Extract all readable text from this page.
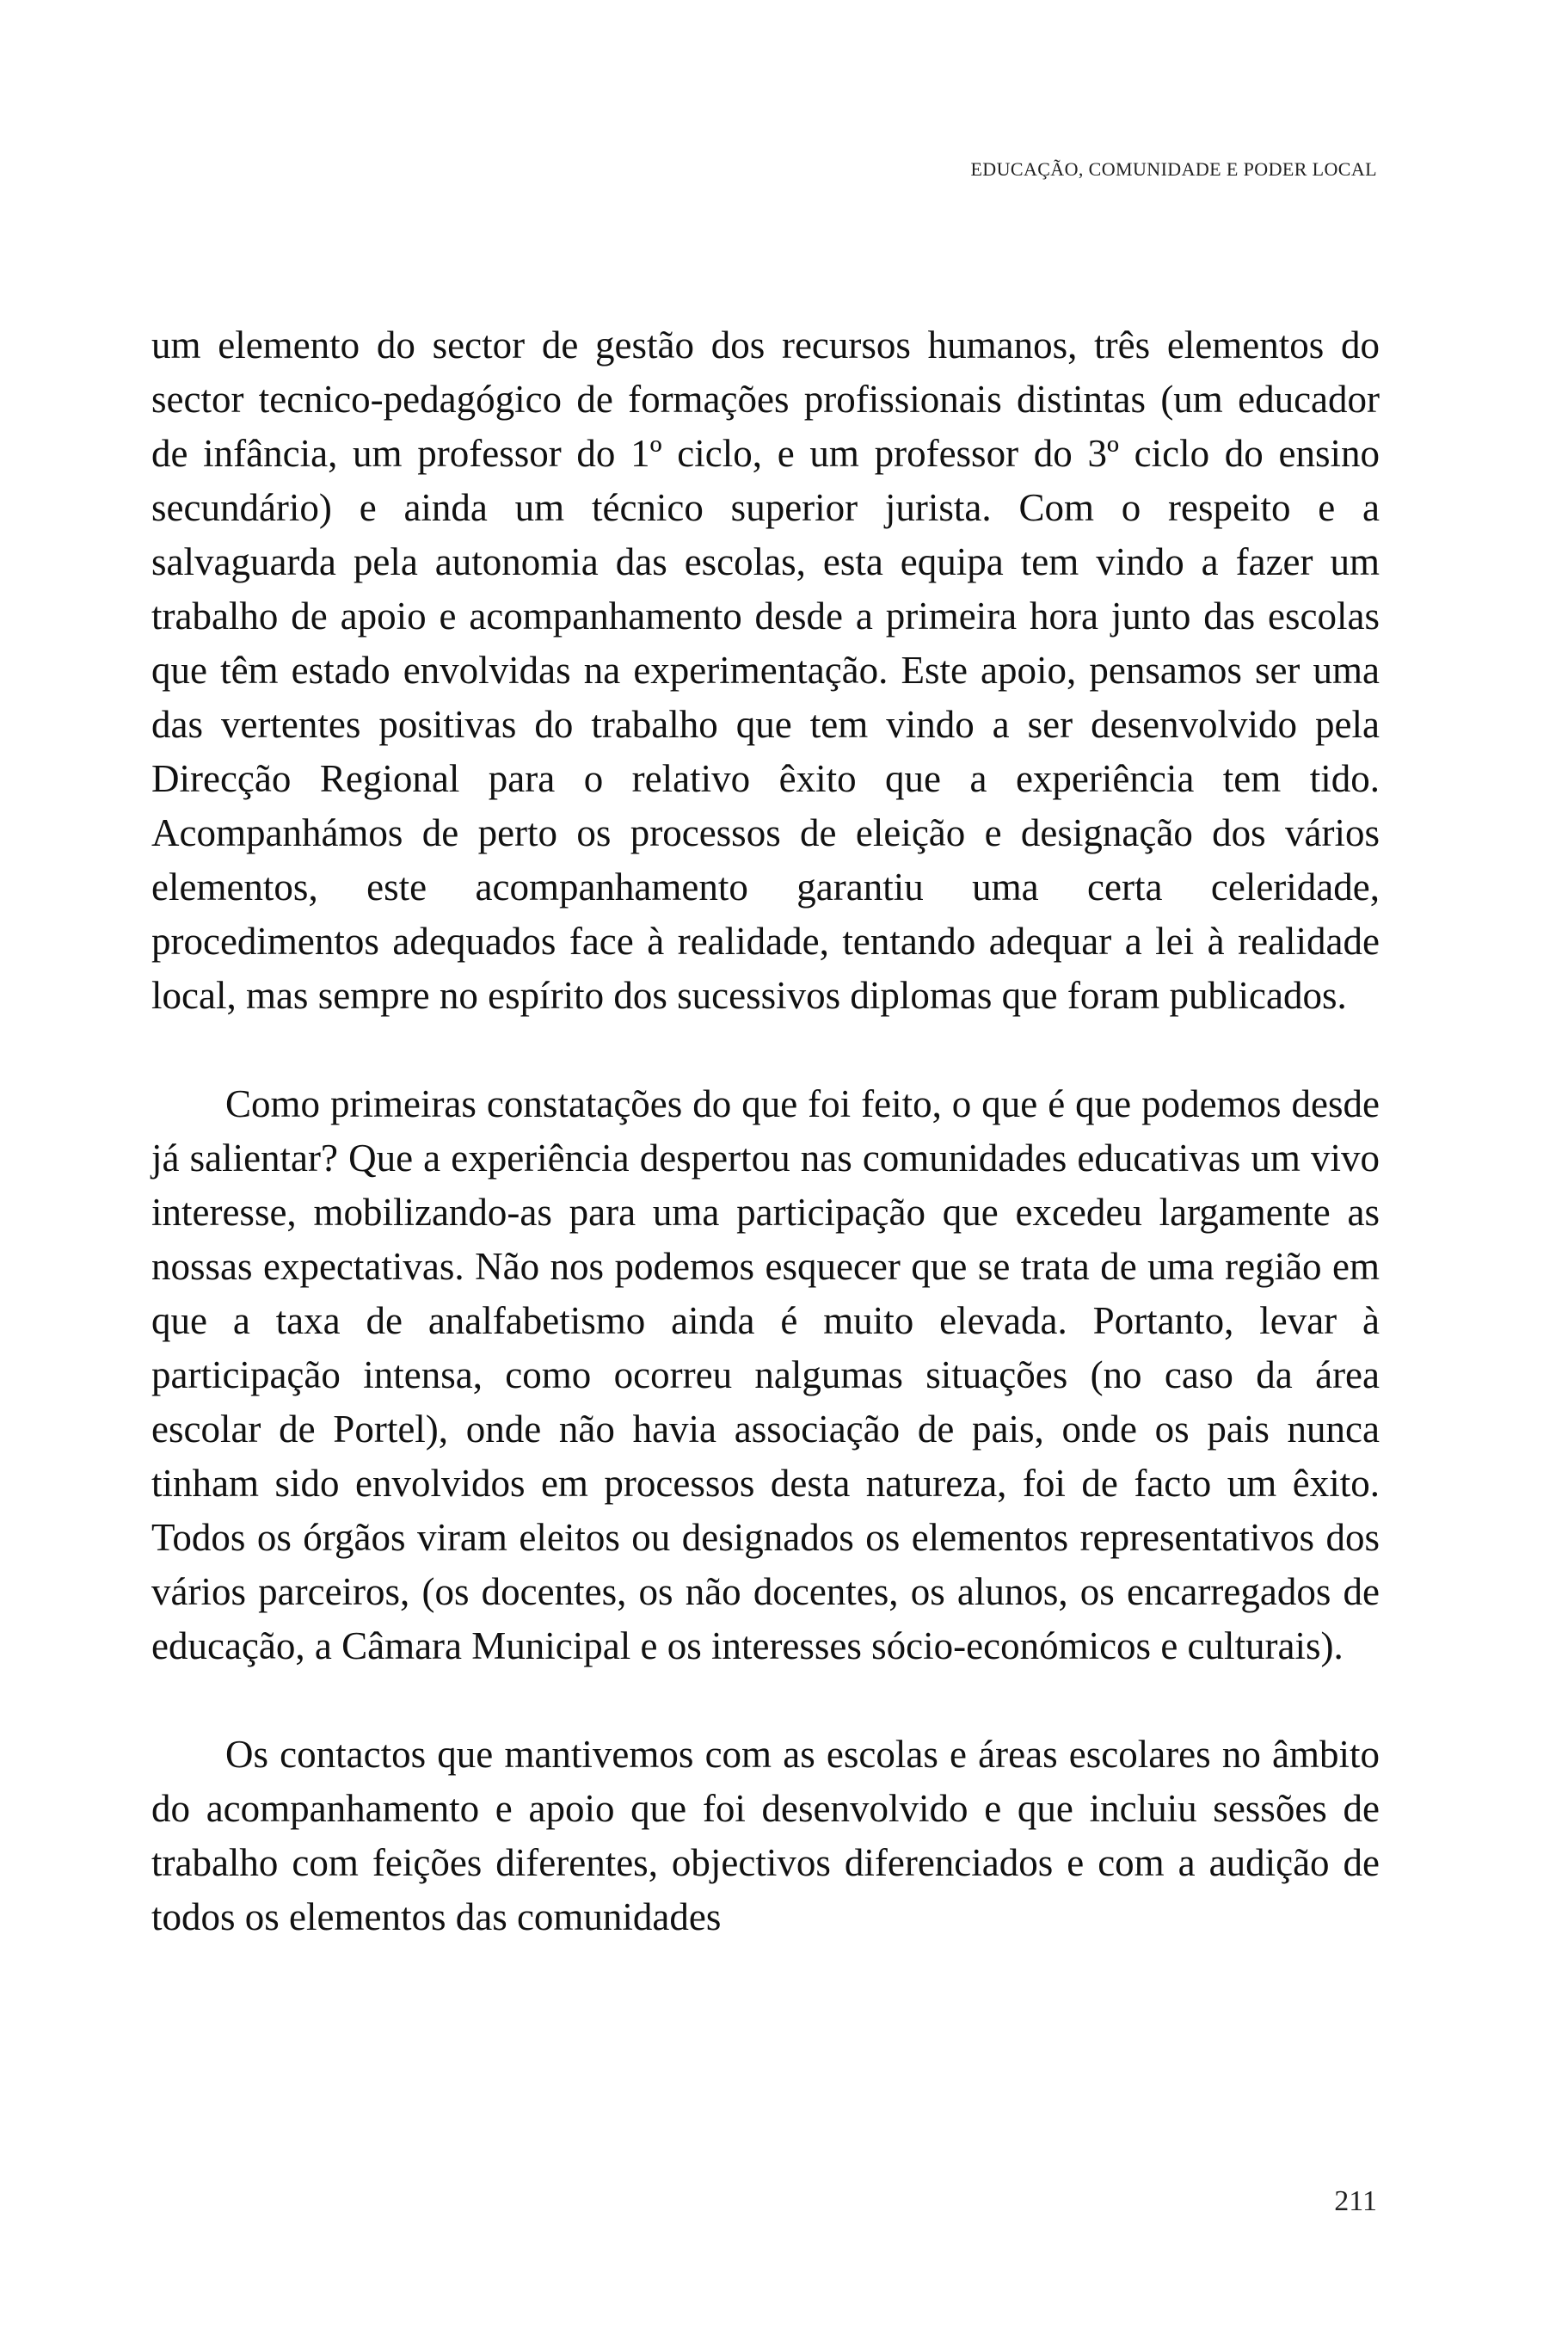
EDUCAÇÃO, COMUNIDADE E PODER LOCAL

um elemento do sector de gestão dos recursos humanos, três elementos do sector tecnico-pedagógico de formações profissionais distintas (um educador de infância, um professor do 1º ciclo, e um professor do 3º ciclo do ensino secundário) e ainda um técnico superior jurista. Com o respeito e a salvaguarda pela autonomia das escolas, esta equipa tem vindo a fazer um trabalho de apoio e acompanhamento desde a primeira hora junto das escolas que têm estado envolvidas na experimentação. Este apoio, pensamos ser uma das vertentes positivas do trabalho que tem vindo a ser desenvolvido pela Direcção Regional para o relativo êxito que a experiência tem tido. Acompanhámos de perto os processos de eleição e designação dos vários elementos, este acompanhamento garantiu uma certa celeridade, procedimentos adequados face à realidade, tentando adequar a lei à realidade local, mas sempre no espírito dos sucessivos diplomas que foram publicados.

Como primeiras constatações do que foi feito, o que é que podemos desde já salientar? Que a experiência despertou nas comunidades educativas um vivo interesse, mobilizando-as para uma participação que excedeu largamente as nossas expectativas. Não nos podemos esquecer que se trata de uma região em que a taxa de analfabetismo ainda é muito elevada. Portanto, levar à participação intensa, como ocorreu nalgumas situações (no caso da área escolar de Portel), onde não havia associação de pais, onde os pais nunca tinham sido envolvidos em processos desta natureza, foi de facto um êxito. Todos os órgãos viram eleitos ou designados os elementos representativos dos vários parceiros, (os docentes, os não docentes, os alunos, os encarregados de educação, a Câmara Municipal e os interesses sócio-económicos e culturais).

Os contactos que mantivemos com as escolas e áreas escolares no âmbito do acompanhamento e apoio que foi desenvolvido e que incluiu sessões de trabalho com feições diferentes, objectivos diferenciados e com a audição de todos os elementos das comunidades

211
